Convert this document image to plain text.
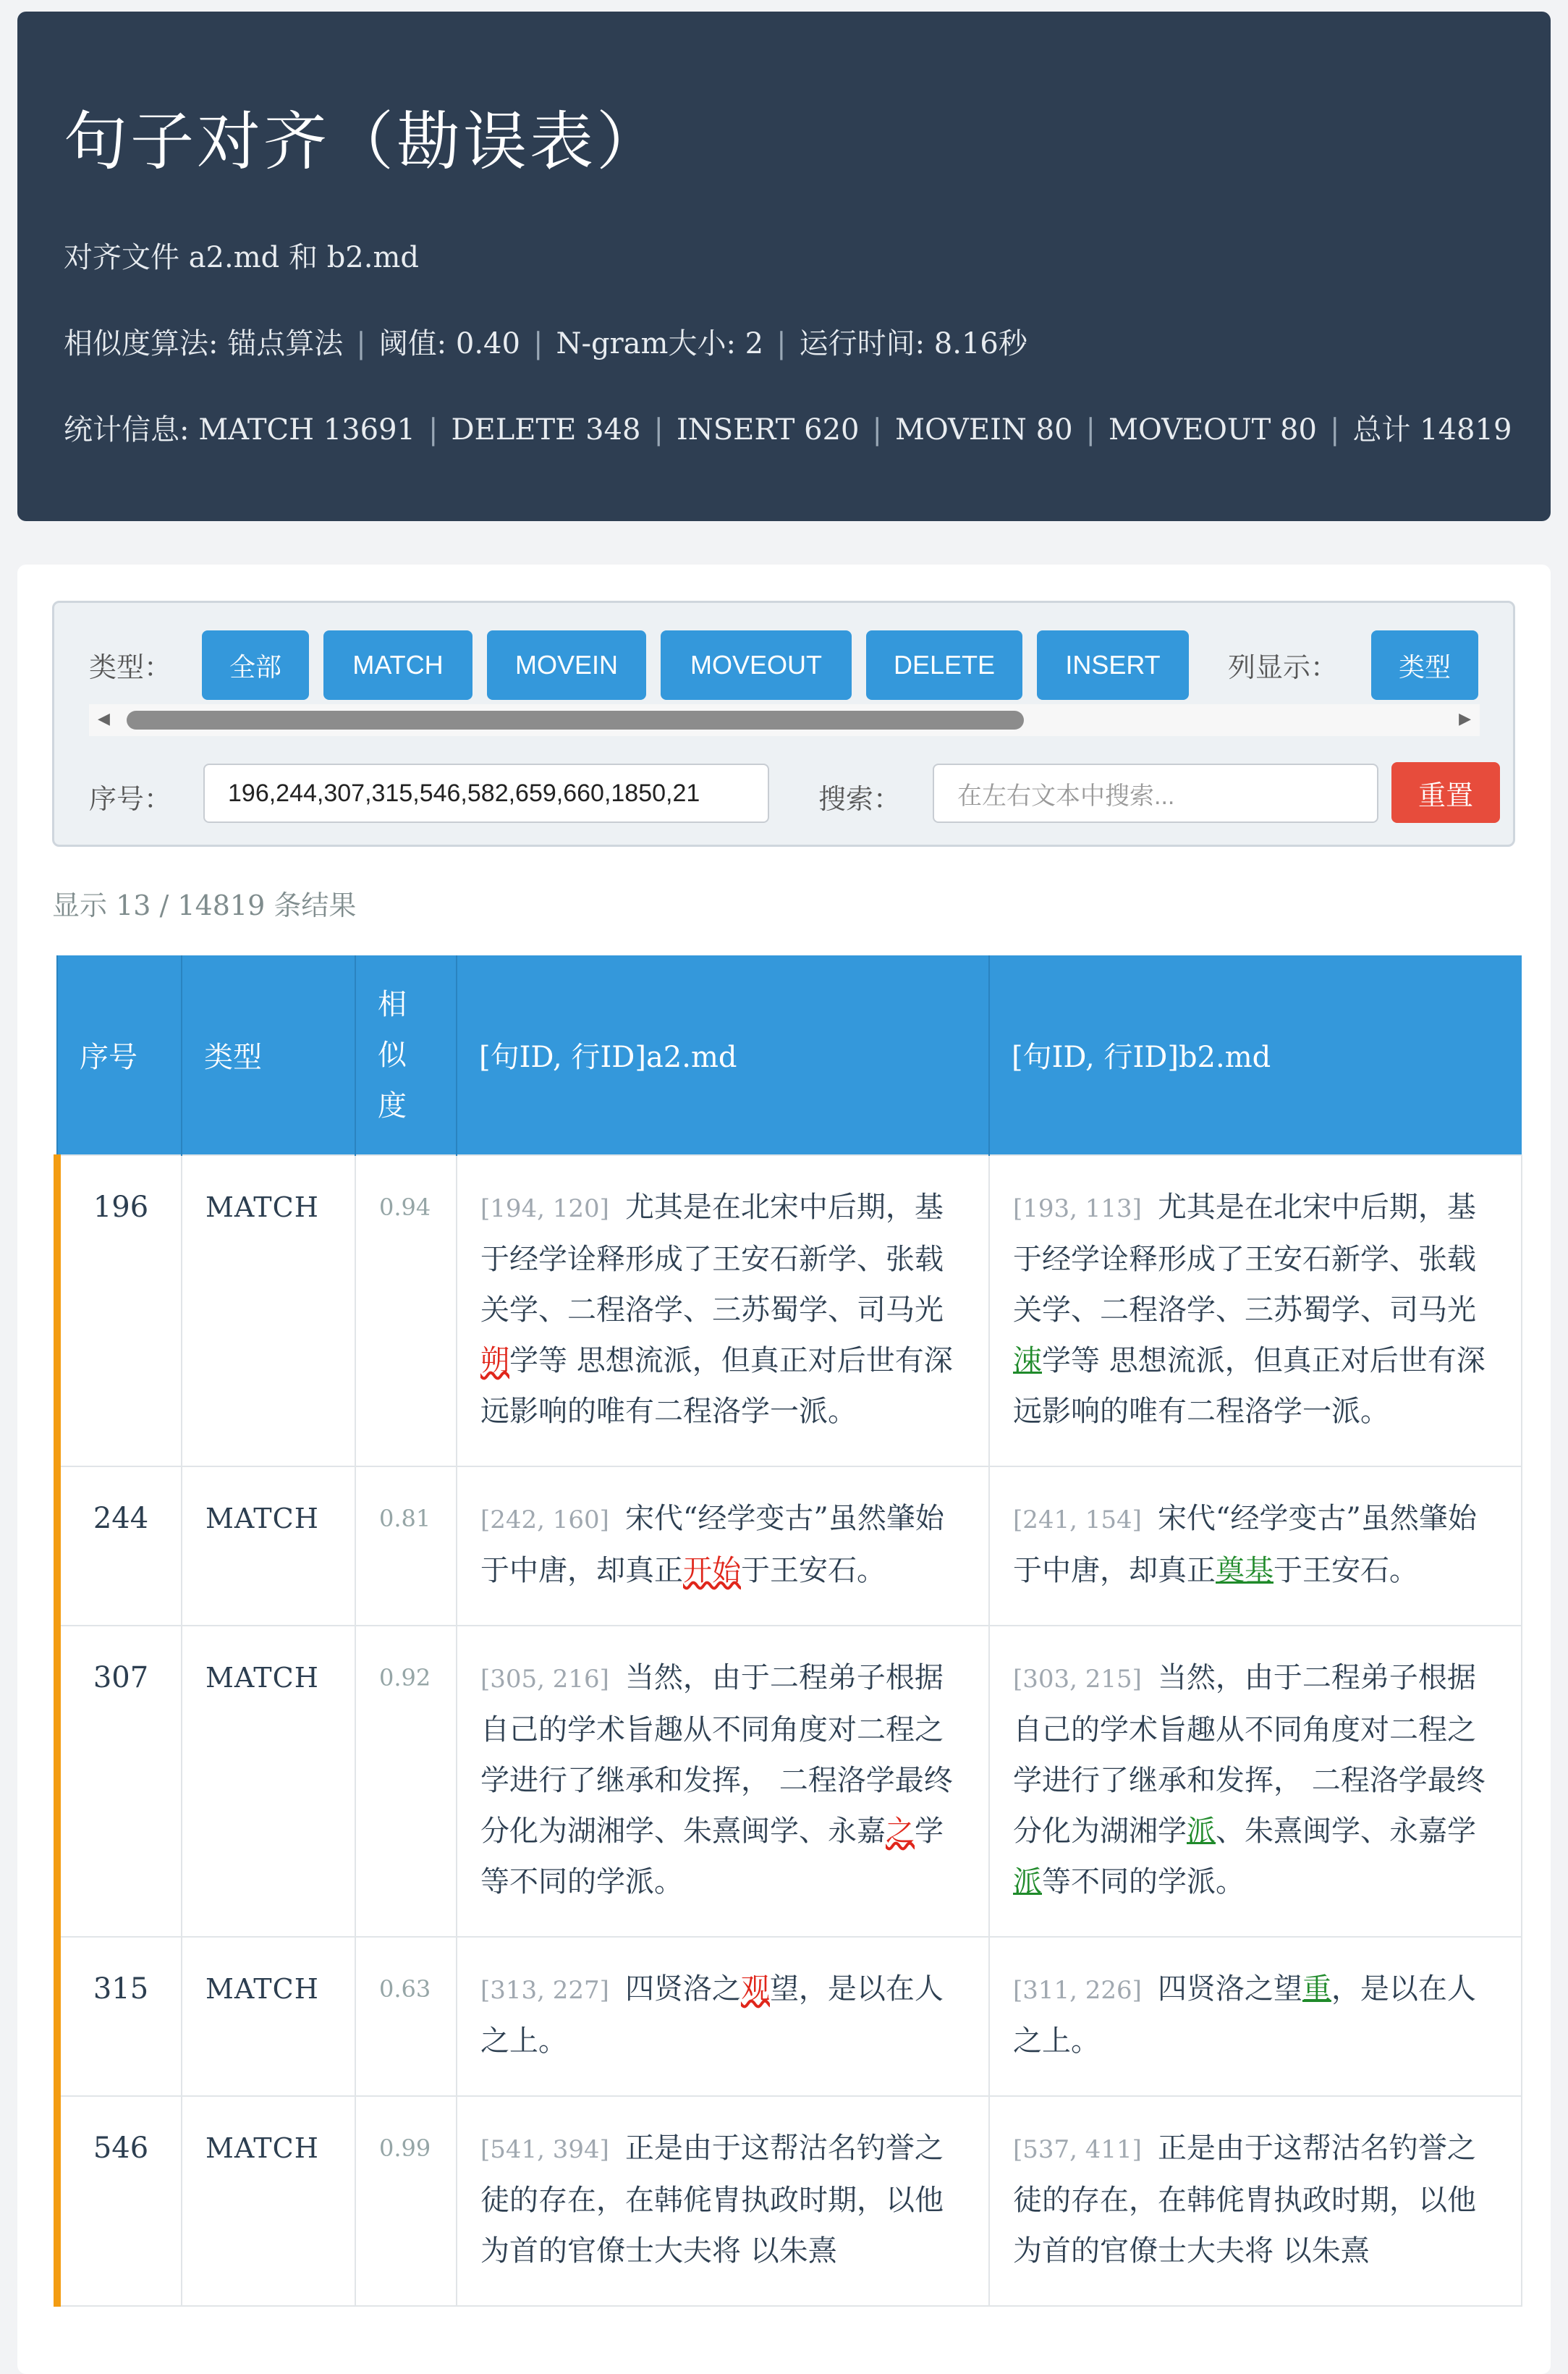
句子对齐（勘误表）
对齐文件 a2.md 和 b2.md
相似度算法: 锚点算法 | 阈值: 0.40 | N-gram大小: 2 | 运行时间: 8.16秒
统计信息: MATCH 13691 | DELETE 348 | INSERT 620 | MOVEIN 80 | MOVEOUT 80 | 总计 14819
类型：	全部	MATCH	MOVEIN	MOVEOUT	DELETE	INSERT	列显示：	类型
◀	▶
序号：	196,244,307,315,546,582,659,660,1850,21	搜索：	在左右文本中搜索...	重置
显示 13 / 14819 条结果
序号	类型	相似度	[句ID, 行ID]a2.md	[句ID, 行ID]b2.md
196	MATCH	0.94	[194, 120] 尤其是在北宋中后期，基于经学诠释形成了王安石新学、张载关学、二程洛学、三苏蜀学、司马光朔学等 思想流派，但真正对后世有深远影响的唯有二程洛学一派。	[193, 113] 尤其是在北宋中后期，基于经学诠释形成了王安石新学、张载关学、二程洛学、三苏蜀学、司马光涑学等 思想流派，但真正对后世有深远影响的唯有二程洛学一派。
244	MATCH	0.81	[242, 160] 宋代“经学变古”虽然肇始于中唐，却真正开始于王安石。	[241, 154] 宋代“经学变古”虽然肇始于中唐，却真正奠基于王安石。
307	MATCH	0.92	[305, 216] 当然，由于二程弟子根据自己的学术旨趣从不同角度对二程之学进行了继承和发挥， 二程洛学最终分化为湖湘学、朱熹闽学、永嘉之学等不同的学派。	[303, 215] 当然，由于二程弟子根据自己的学术旨趣从不同角度对二程之学进行了继承和发挥， 二程洛学最终分化为湖湘学派、朱熹闽学、永嘉学派等不同的学派。
315	MATCH	0.63	[313, 227] 四贤洛之观望，是以在人之上。	[311, 226] 四贤洛之望重，是以在人之上。
546	MATCH	0.99	[541, 394] 正是由于这帮沽名钓誉之徒的存在，在韩侂胄执政时期，以他为首的官僚士大夫将 以朱熹	[537, 411] 正是由于这帮沽名钓誉之徒的存在，在韩侂胄执政时期，以他为首的官僚士大夫将 以朱熹
